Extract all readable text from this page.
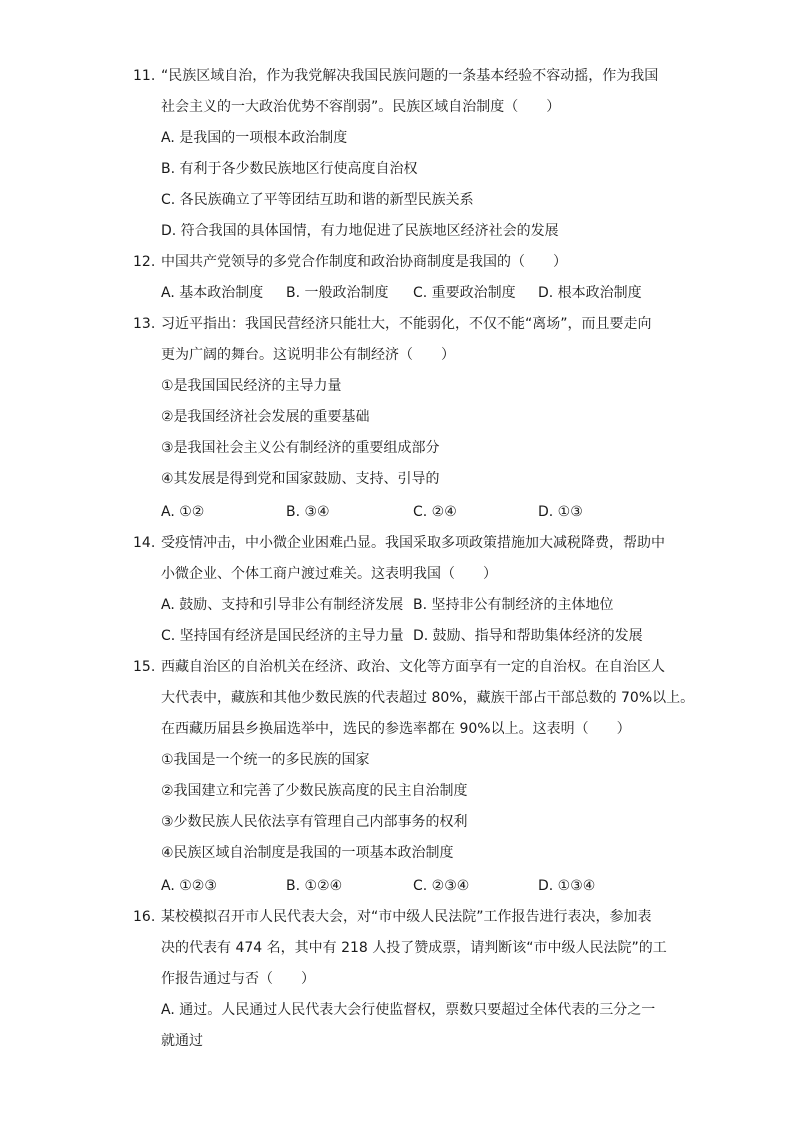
11. “民族区域自治，作为我党解决我国民族问题的一条基本经验不容动摇，作为我国
社会主义的一大政治优势不容削弱”。民族区域自治制度（　　）
A. 是我国的一项根本政治制度
B. 有利于各少数民族地区行使高度自治权
C. 各民族确立了平等团结互助和谐的新型民族关系
D. 符合我国的具体国情，有力地促进了民族地区经济社会的发展
12. 中国共产党领导的多党合作制度和政治协商制度是我国的（　　）
A. 基本政治制度 B. 一般政治制度 C. 重要政治制度 D. 根本政治制度
13. 习近平指出：我国民营经济只能壮大，不能弱化，不仅不能“离场”，而且要走向
更为广阔的舞台。这说明非公有制经济（　　）
①是我国国民经济的主导力量
②是我国经济社会发展的重要基础
③是我国社会主义公有制经济的重要组成部分
④其发展是得到党和国家鼓励、支持、引导的
A. ①②	B. ③④	C. ②④	D. ①③
14. 受疫情冲击，中小微企业困难凸显。我国采取多项政策措施加大减税降费，帮助中
小微企业、个体工商户渡过难关。这表明我国（　　）
A. 鼓励、支持和引导非公有制经济发展 B. 坚持非公有制经济的主体地位
C. 坚持国有经济是国民经济的主导力量 D. 鼓励、指导和帮助集体经济的发展
15. 西藏自治区的自治机关在经济、政治、文化等方面享有一定的自治权。在自治区人
大代表中，藏族和其他少数民族的代表超过 80%，藏族干部占干部总数的 70%以上。
在西藏历届县乡换届选举中，选民的参选率都在 90%以上。这表明（　　）
①我国是一个统一的多民族的国家
②我国建立和完善了少数民族高度的民主自治制度
③少数民族人民依法享有管理自己内部事务的权利
④民族区域自治制度是我国的一项基本政治制度
A. ①②③	B. ①②④	C. ②③④	D. ①③④
16. 某校模拟召开市人民代表大会，对“市中级人民法院”工作报告进行表决，参加表
决的代表有 474 名，其中有 218 人投了赞成票，请判断该“市中级人民法院”的工
作报告通过与否（　　）
A. 通过。人民通过人民代表大会行使监督权，票数只要超过全体代表的三分之一
就通过
